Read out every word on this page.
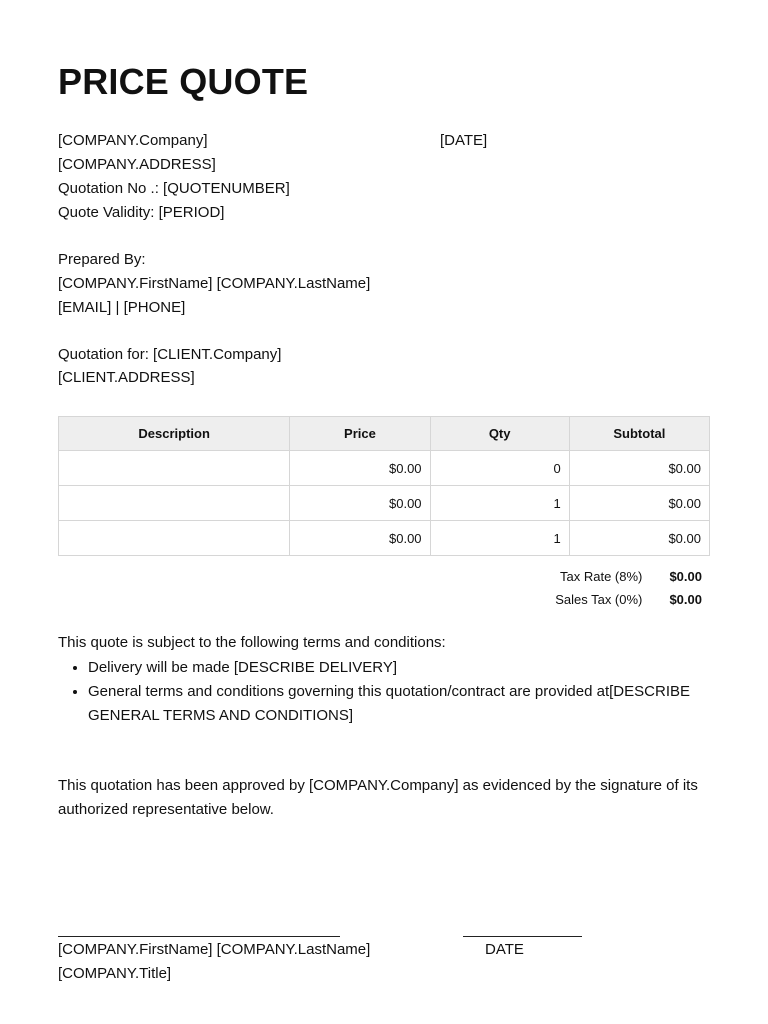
PRICE QUOTE
[COMPANY.Company]	[DATE]
[COMPANY.ADDRESS]
Quotation No .: [QUOTENUMBER]
Quote Validity: [PERIOD]
Prepared By:
[COMPANY.FirstName] [COMPANY.LastName]
[EMAIL] | [PHONE]
Quotation for: [CLIENT.Company]
[CLIENT.ADDRESS]
Description	Price	Qty	Subtotal
	$0.00	0	$0.00
	$0.00	1	$0.00
	$0.00	1	$0.00
Tax Rate (8%) $0.00
Sales Tax (0%) $0.00
This quote is subject to the following terms and conditions:
• Delivery will be made [DESCRIBE DELIVERY]
• General terms and conditions governing this quotation/contract are provided at[DESCRIBE GENERAL TERMS AND CONDITIONS]
This quotation has been approved by [COMPANY.Company] as evidenced by the signature of its authorized representative below.
[COMPANY.FirstName] [COMPANY.LastName]	DATE
[COMPANY.Title]
